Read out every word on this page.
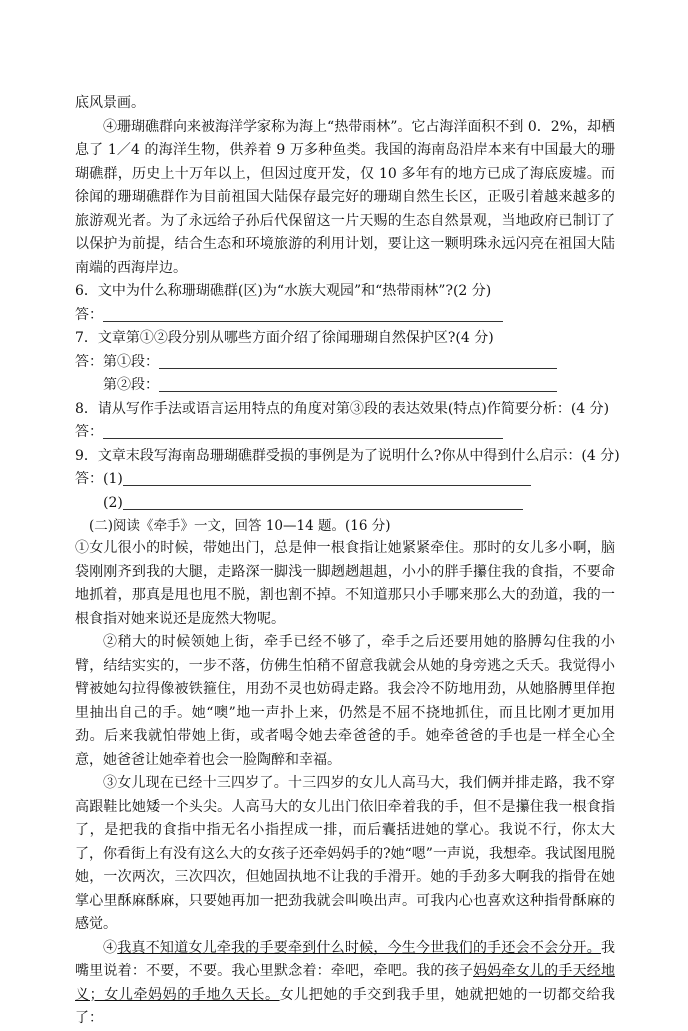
底风景画。

④珊瑚礁群向来被海洋学家称为海上“热带雨林”。它占海洋面积不到 0．2%，却栖息了 1／4 的海洋生物，供养着 9 万多种鱼类。我国的海南岛沿岸本来有中国最大的珊瑚礁群，历史上十万年以上，但因过度开发，仅 10 多年有的地方已成了海底废墟。而徐闻的珊瑚礁群作为目前祖国大陆保存最完好的珊瑚自然生长区，正吸引着越来越多的旅游观光者。为了永远给子孙后代保留这一片天赐的生态自然景观，当地政府已制订了以保护为前提，结合生态和环境旅游的利用计划，要让这一颗明珠永远闪亮在祖国大陆南端的西海岸边。

6．文中为什么称珊瑚礁群(区)为“水族大观园”和“热带雨林”?(2 分)

答：

7．文章第①②段分别从哪些方面介绍了徐闻珊瑚自然保护区?(4 分)

答：第①段：

第②段：

8．请从写作手法或语言运用特点的角度对第③段的表达效果(特点)作简要分析：(4 分)

答：

9．文章末段写海南岛珊瑚礁群受损的事例是为了说明什么?你从中得到什么启示：(4 分)

答：(1)

(2)

(二)阅读《牵手》一文，回答 10—14 题。(16 分)

①女儿很小的时候，带她出门，总是伸一根食指让她紧紧牵住。那时的女儿多小啊，脑袋刚刚齐到我的大腿，走路深一脚浅一脚趔趔趄趄，小小的胖手攥住我的食指，不要命地抓着，那真是甩也甩不脱，割也割不掉。不知道那只小手哪来那么大的劲道，我的一根食指对她来说还是庞然大物呢。

②稍大的时候领她上街，牵手已经不够了，牵手之后还要用她的胳膊勾住我的小臂，结结实实的，一步不落，仿佛生怕稍不留意我就会从她的身旁逃之夭夭。我觉得小臂被她勾拉得像被铁箍住，用劲不灵也妨碍走路。我会冷不防地用劲，从她胳膊里佯抱里抽出自己的手。她“噢”地一声扑上来，仍然是不屈不挠地抓住，而且比刚才更加用劲。后来我就怕带她上街，或者喝令她去牵爸爸的手。她牵爸爸的手也是一样全心全意，她爸爸让她牵着也会一脸陶醉和幸福。

③女儿现在已经十三四岁了。十三四岁的女儿人高马大，我们俩并排走路，我不穿高跟鞋比她矮一个头尖。人高马大的女儿出门依旧牵着我的手，但不是攥住我一根食指了，是把我的食指中指无名小指捏成一排，而后囊括进她的掌心。我说不行，你太大了，你看街上有没有这么大的女孩子还牵妈妈手的?她“嗯”一声说，我想牵。我试图甩脱她，一次两次，三次四次，但她固执地不让我的手滑开。她的手劲多大啊我的指骨在她掌心里酥麻酥麻，只要她再加一把劲我就会叫唤出声。可我内心也喜欢这种指骨酥麻的感觉。

④我真不知道女儿牵我的手要牵到什么时候，今生今世我们的手还会不会分开。我嘴里说着：不要，不要。我心里默念着：牵吧，牵吧。我的孩子妈妈牵女儿的手天经地义；女儿牵妈妈的手地久天长。女儿把她的手交到我手里，她就把她的一切都交给我了：
